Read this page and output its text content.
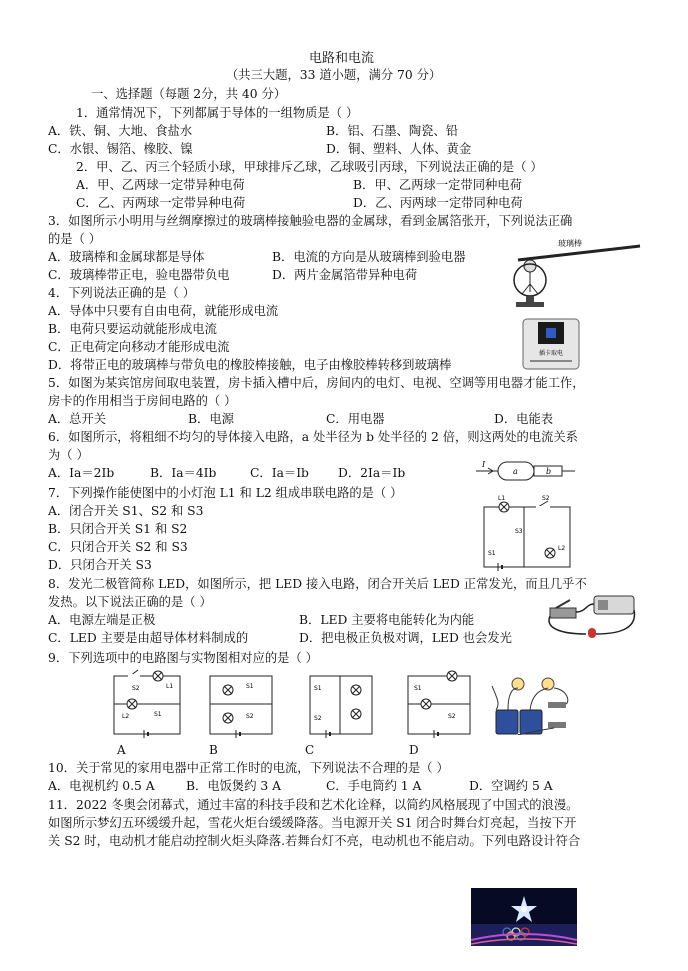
电路和电流
（共三大题，33 道小题，满分 70 分）
一、选择题（每题 2分，共 40 分）
1．通常情况下，下列都属于导体的一组物质是（ ）
A．铁、铜、大地、食盐水	B．铝、石墨、陶瓷、铅
C．水银、锡箔、橡胶、镍	D．铜、塑料、人体、黄金
2．甲、乙、丙三个轻质小球，甲球排斥乙球，乙球吸引丙球，下列说法正确的是（ ）
A．甲、乙两球一定带异种电荷	B．甲、乙两球一定带同种电荷
C．乙、丙两球一定带异种电荷	D．乙、丙两球一定带同种电荷
3．如图所示小明用与丝绸摩擦过的玻璃棒接触验电器的金属球，看到金属箔张开，下列说法正确
的是（ ）
A．玻璃棒和金属球都是导体	B．电流的方向是从玻璃棒到验电器
C．玻璃棒带正电，验电器带负电	D．两片金属箔带异种电荷
玻璃棒
4．下列说法正确的是（ ）
A．导体中只要有自由电荷，就能形成电流
B．电荷只要运动就能形成电流
C．正电荷定向移动才能形成电流
D．将带正电的玻璃棒与带负电的橡胶棒接触，电子由橡胶棒转移到玻璃棒
插卡取电
5．如图为某宾馆房间取电装置，房卡插入槽中后，房间内的电灯、电视、空调等用电器才能工作，
房卡的作用相当于房间电路的（ ）
A．总开关	B．电源	C．用电器	D．电能表
6．如图所示，将粗细不均匀的导体接入电路，a 处半径为 b 处半径的 2 倍，则这两处的电流关系
为（ ）
A．Ia＝2Ib	B．Ia＝4Ib	C．Ia＝Ib D．2Ia＝Ib
I
a	b
7．下列操作能使图中的小灯泡 L1 和 L2 组成串联电路的是（ ）
A．闭合开关 S1、S2 和 S3
B．只闭合开关 S1 和 S2
C．只闭合开关 S2 和 S3
D．只闭合开关 S3
L1	S2
S3
S1
L2
8．发光二极管简称 LED，如图所示，把 LED 接入电路，闭合开关后 LED 正常发光，而且几乎不
发热。以下说法正确的是（ ）
A．电源左端是正极	B．LED 主要将电能转化为内能
C．LED 主要是由超导体材料制成的	D．把电极正负极对调，LED 也会发光
9．下列选项中的电路图与实物图相对应的是（ ）
S2	L1
L2	S1
S1
S2
S1
S2
S1
S2
A	B	C	D
10．关于常见的家用电器中正常工作时的电流，下列说法不合理的是（ ）
A．电视机约 0.5 A	B．电饭煲约 3 A	C．手电筒约 1 A	D．空调约 5 A
11．2022 冬奥会闭幕式，通过丰富的科技手段和艺术化诠释，以简约风格展现了中国式的浪漫。
如图所示梦幻五环缓缓升起，雪花火炬台缓缓降落。当电源开关 S1 闭合时舞台灯亮起，当按下开
关 S2 时，电动机才能启动控制火炬头降落.若舞台灯不亮，电动机也不能启动。下列电路设计符合
